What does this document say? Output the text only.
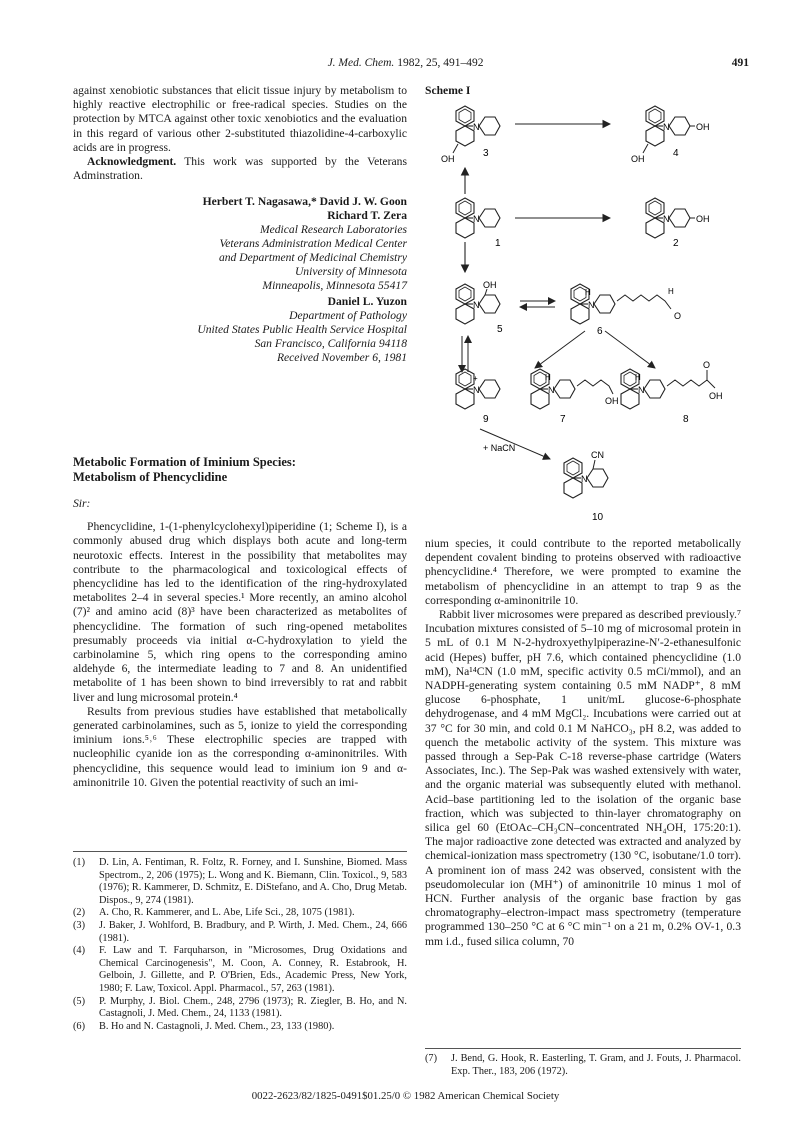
J. Med. Chem. 1982, 25, 491–492	491

against xenobiotic substances that elicit tissue injury by metabolism to highly reactive electrophilic or free-radical species. Studies on the protection by MTCA against other toxic xenobiotics and the evaluation in this regard of various other 2-substituted thiazolidine-4-carboxylic acids are in progress.

Acknowledgment. This work was supported by the Veterans Adminstration.

Herbert T. Nagasawa,* David J. W. Goon
Richard T. Zera
Medical Research Laboratories
Veterans Administration Medical Center
and Department of Medicinal Chemistry
University of Minnesota
Minneapolis, Minnesota 55417
Daniel L. Yuzon
Department of Pathology
United States Public Health Service Hospital
San Francisco, California 94118
Received November 6, 1981
Metabolic Formation of Iminium Species:
Metabolism of Phencyclidine

Sir:

Phencyclidine, 1-(1-phenylcyclohexyl)piperidine (1; Scheme I), is a commonly abused drug which displays both acute and long-term neurotoxic effects. Interest in the possibility that metabolites may contribute to the pharmacological and toxicological effects of phencyclidine has led to the identification of the ring-hydroxylated metabolites 2–4 in several species.¹ More recently, an amino alcohol (7)² and amino acid (8)³ have been characterized as metabolites of phencyclidine. The formation of such ring-opened metabolites presumably proceeds via initial α-C-hydroxylation to yield the carbinolamine 5, which ring opens to the corresponding amino aldehyde 6, the intermediate leading to 7 and 8. An unidentified metabolite of 1 has been shown to bind irreversibly to rat and rabbit liver and lung microsomal protein.⁴

Results from previous studies have established that metabolically generated carbinolamines, such as 5, ionize to yield the corresponding iminium ions.⁵˒⁶ These electrophilic species are trapped with nucleophilic cyanide ion as the corresponding α-aminonitriles. With phencyclidine, this sequence would lead to iminium ion 9 and α-aminonitrile 10. Given the potential reactivity of such an imi-

(1)	D. Lin, A. Fentiman, R. Foltz, R. Forney, and I. Sunshine, Biomed. Mass Spectrom., 2, 206 (1975); L. Wong and K. Biemann, Clin. Toxicol., 9, 583 (1976); R. Kammerer, D. Schmitz, E. DiStefano, and A. Cho, Drug Metab. Dispos., 9, 274 (1981).
(2)	A. Cho, R. Kammerer, and L. Abe, Life Sci., 28, 1075 (1981).
(3)	J. Baker, J. Wohlford, B. Bradbury, and P. Wirth, J. Med. Chem., 24, 666 (1981).
(4)	F. Law and T. Farquharson, in "Microsomes, Drug Oxidations and Chemical Carcinogenesis", M. Coon, A. Conney, R. Estabrook, H. Gelboin, J. Gillette, and P. O'Brien, Eds., Academic Press, New York, 1980; F. Law, Toxicol. Appl. Pharmacol., 57, 263 (1981).
(5)	P. Murphy, J. Biol. Chem., 248, 2796 (1973); R. Ziegler, B. Ho, and N. Castagnoli, J. Med. Chem., 24, 1133 (1981).
(6)	B. Ho and N. Castagnoli, J. Med. Chem., 23, 133 (1980).
Scheme I
N
OH	3
N	OH
OH	4
N
1
N	OH
2
N
OH
5
N
H
6
H
O
N
+
9
N
H
OH
7
N
H
O
OH
8
+ NaCN
N
CN
10

nium species, it could contribute to the reported metabolically dependent covalent binding to proteins observed with radioactive phencyclidine.⁴ Therefore, we were prompted to examine the metabolism of phencyclidine in an attempt to trap 9 as the corresponding α-aminonitrile 10.

Rabbit liver microsomes were prepared as described previously.⁷ Incubation mixtures consisted of 5–10 mg of microsomal protein in 5 mL of 0.1 M N-2-hydroxyethylpiperazine-N′-2-ethanesulfonic acid (Hepes) buffer, pH 7.6, which contained phencyclidine (1.0 mM), Na¹⁴CN (1.0 mM, specific activity 0.5 mCi/mmol), and an NADPH-generating system containing 0.5 mM NADP⁺, 8 mM glucose 6-phosphate, 1 unit/mL glucose-6-phosphate dehydrogenase, and 4 mM MgCl₂. Incubations were carried out at 37 °C for 30 min, and cold 0.1 M NaHCO₃, pH 8.2, was added to quench the metabolic activity of the system. This mixture was passed through a Sep-Pak C-18 reverse-phase cartridge (Waters Associates, Inc.). The Sep-Pak was washed extensively with water, and the organic material was subsequently eluted with methanol. Acid–base partitioning led to the isolation of the organic base fraction, which was subjected to thin-layer chromatography on silica gel 60 (EtOAc–CH₃CN–concentrated NH₄OH, 175:20:1). The major radioactive zone detected was extracted and analyzed by chemical-ionization mass spectrometry (130 °C, isobutane/1.0 torr). A prominent ion of mass 242 was observed, consistent with the pseudomolecular ion (MH⁺) of aminonitrile 10 minus 1 mol of HCN. Further analysis of the organic base fraction by gas chromatography–electron-impact mass spectrometry (temperature programmed 130–250 °C at 6 °C min⁻¹ on a 21 m, 0.2% OV-1, 0.3 mm i.d., fused silica column, 70

(7)	J. Bend, G. Hook, R. Easterling, T. Gram, and J. Fouts, J. Pharmacol. Exp. Ther., 183, 206 (1972).
0022-2623/82/1825-0491$01.25/0 © 1982 American Chemical Society
